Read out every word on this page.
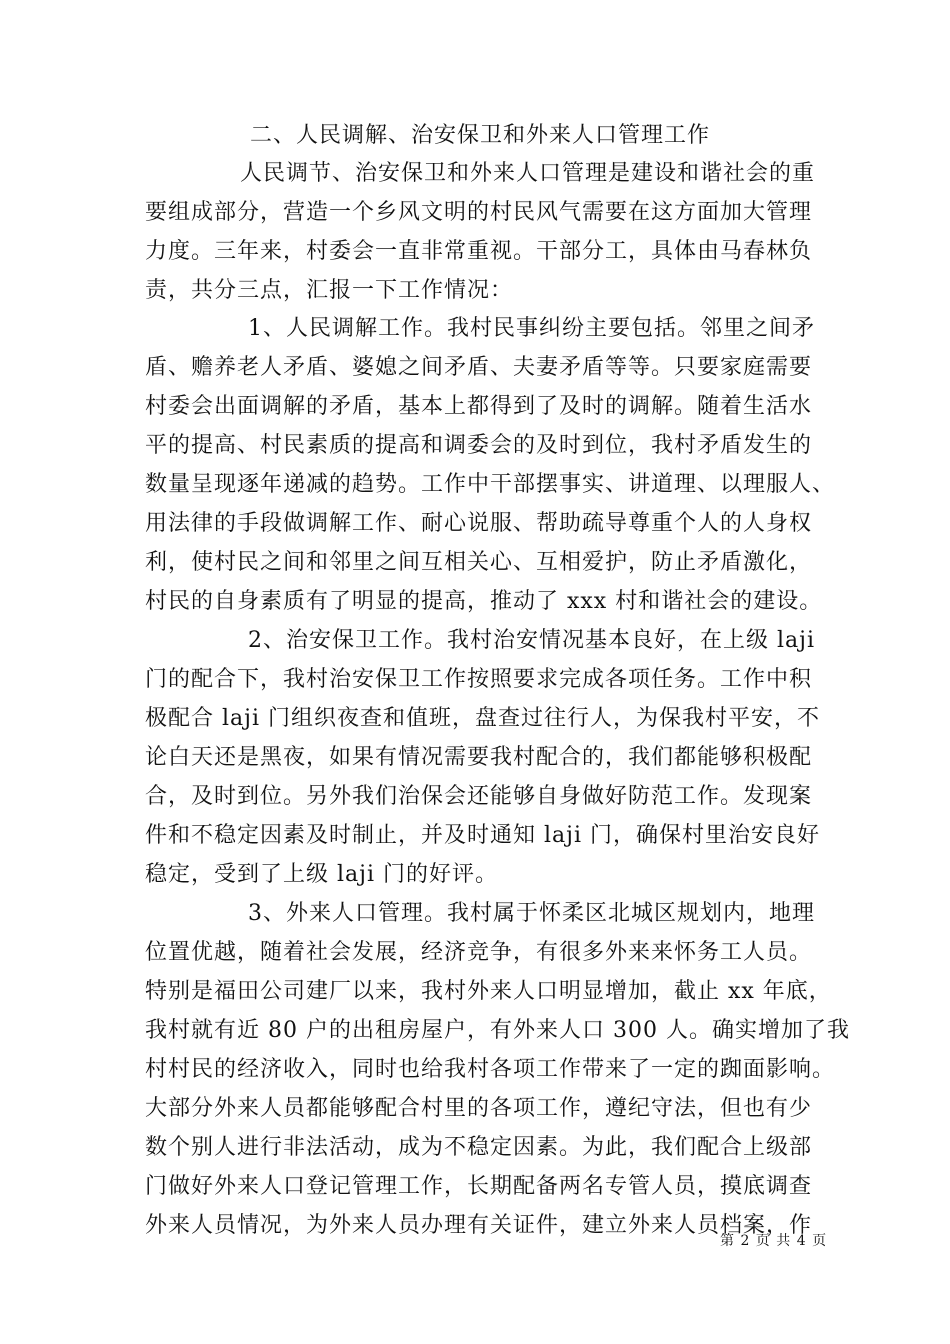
二、人民调解、治安保卫和外来人口管理工作
人民调节、治安保卫和外来人口管理是建设和谐社会的重
要组成部分，营造一个乡风文明的村民风气需要在这方面加大管理
力度。三年来，村委会一直非常重视。干部分工，具体由马春林负
责，共分三点，汇报一下工作情况：
1、人民调解工作。我村民事纠纷主要包括。邻里之间矛
盾、赡养老人矛盾、婆媳之间矛盾、夫妻矛盾等等。只要家庭需要
村委会出面调解的矛盾，基本上都得到了及时的调解。随着生活水
平的提高、村民素质的提高和调委会的及时到位，我村矛盾发生的
数量呈现逐年递减的趋势。工作中干部摆事实、讲道理、以理服人、
用法律的手段做调解工作、耐心说服、帮助疏导尊重个人的人身权
利，使村民之间和邻里之间互相关心、互相爱护，防止矛盾激化，
村民的自身素质有了明显的提高，推动了 xxx 村和谐社会的建设。
2、治安保卫工作。我村治安情况基本良好，在上级 laji
门的配合下，我村治安保卫工作按照要求完成各项任务。工作中积
极配合 laji 门组织夜查和值班，盘查过往行人，为保我村平安，不
论白天还是黑夜，如果有情况需要我村配合的，我们都能够积极配
合，及时到位。另外我们治保会还能够自身做好防范工作。发现案
件和不稳定因素及时制止，并及时通知 laji 门，确保村里治安良好
稳定，受到了上级 laji 门的好评。
3、外来人口管理。我村属于怀柔区北城区规划内，地理
位置优越，随着社会发展，经济竞争，有很多外来来怀务工人员。
特别是福田公司建厂以来，我村外来人口明显增加，截止 xx 年底，
我村就有近 80 户的出租房屋户，有外来人口 300 人。确实增加了我
村村民的经济收入，同时也给我村各项工作带来了一定的踟面影响。
大部分外来人员都能够配合村里的各项工作，遵纪守法，但也有少
数个别人进行非法活动，成为不稳定因素。为此，我们配合上级部
门做好外来人口登记管理工作，长期配备两名专管人员，摸底调查
外来人员情况，为外来人员办理有关证件，建立外来人员档案，作
第 2 页 共 4 页
